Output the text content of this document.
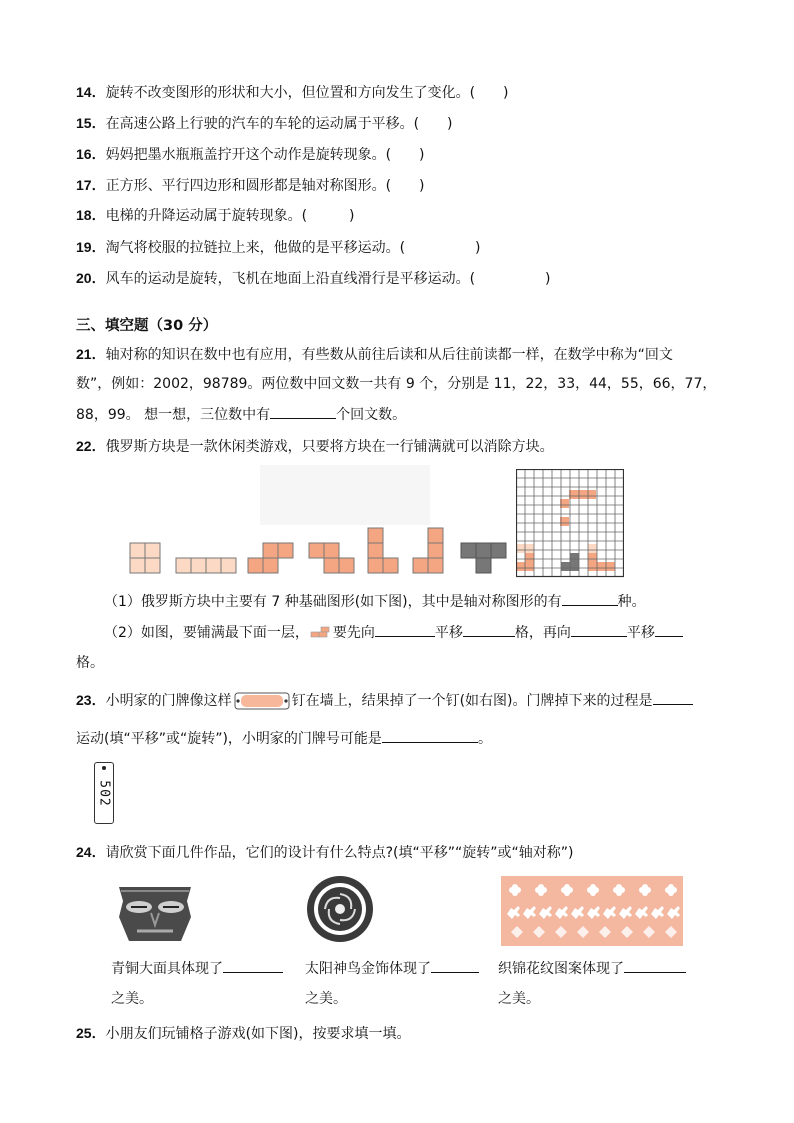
14．旋转不改变图形的形状和大小，但位置和方向发生了变化。(　　)
15．在高速公路上行驶的汽车的车轮的运动属于平移。(　　)
16．妈妈把墨水瓶瓶盖拧开这个动作是旋转现象。(　　)
17．正方形、平行四边形和圆形都是轴对称图形。(　　)
18．电梯的升降运动属于旋转现象。(　　　)
19．淘气将校服的拉链拉上来，他做的是平移运动。(　　　　　)
20．风车的运动是旋转，飞机在地面上沿直线滑行是平移运动。(　　　　　)
三、填空题（30 分）
21．轴对称的知识在数中也有应用，有些数从前往后读和从后往前读都一样，在数学中称为“回文
数”，例如：2002，98789。两位数中回文数一共有 9 个，分别是 11，22，33，44，55，66，77，
88，99。 想一想，三位数中有	个回文数。
22．俄罗斯方块是一款休闲类游戏，只要将方块在一行铺满就可以消除方块。
（1）俄罗斯方块中主要有 7 种基础图形(如下图)，其中是轴对称图形的有	种。
（2）如图，要铺满最下面一层， 要先向	平移	格，再向	平移
格。
23．小明家的门牌像这样	钉在墙上，结果掉了一个钉(如右图)。门牌掉下来的过程是
运动(填“平移”或“旋转”)，小明家的门牌号可能是	。
502
24．请欣赏下面几件作品，它们的设计有什么特点?(填“平移”“旋转”或“轴对称”)
青铜大面具体现了	太阳神鸟金饰体现了	织锦花纹图案体现了
之美。	之美。	之美。
25．小朋友们玩铺格子游戏(如下图)，按要求填一填。
